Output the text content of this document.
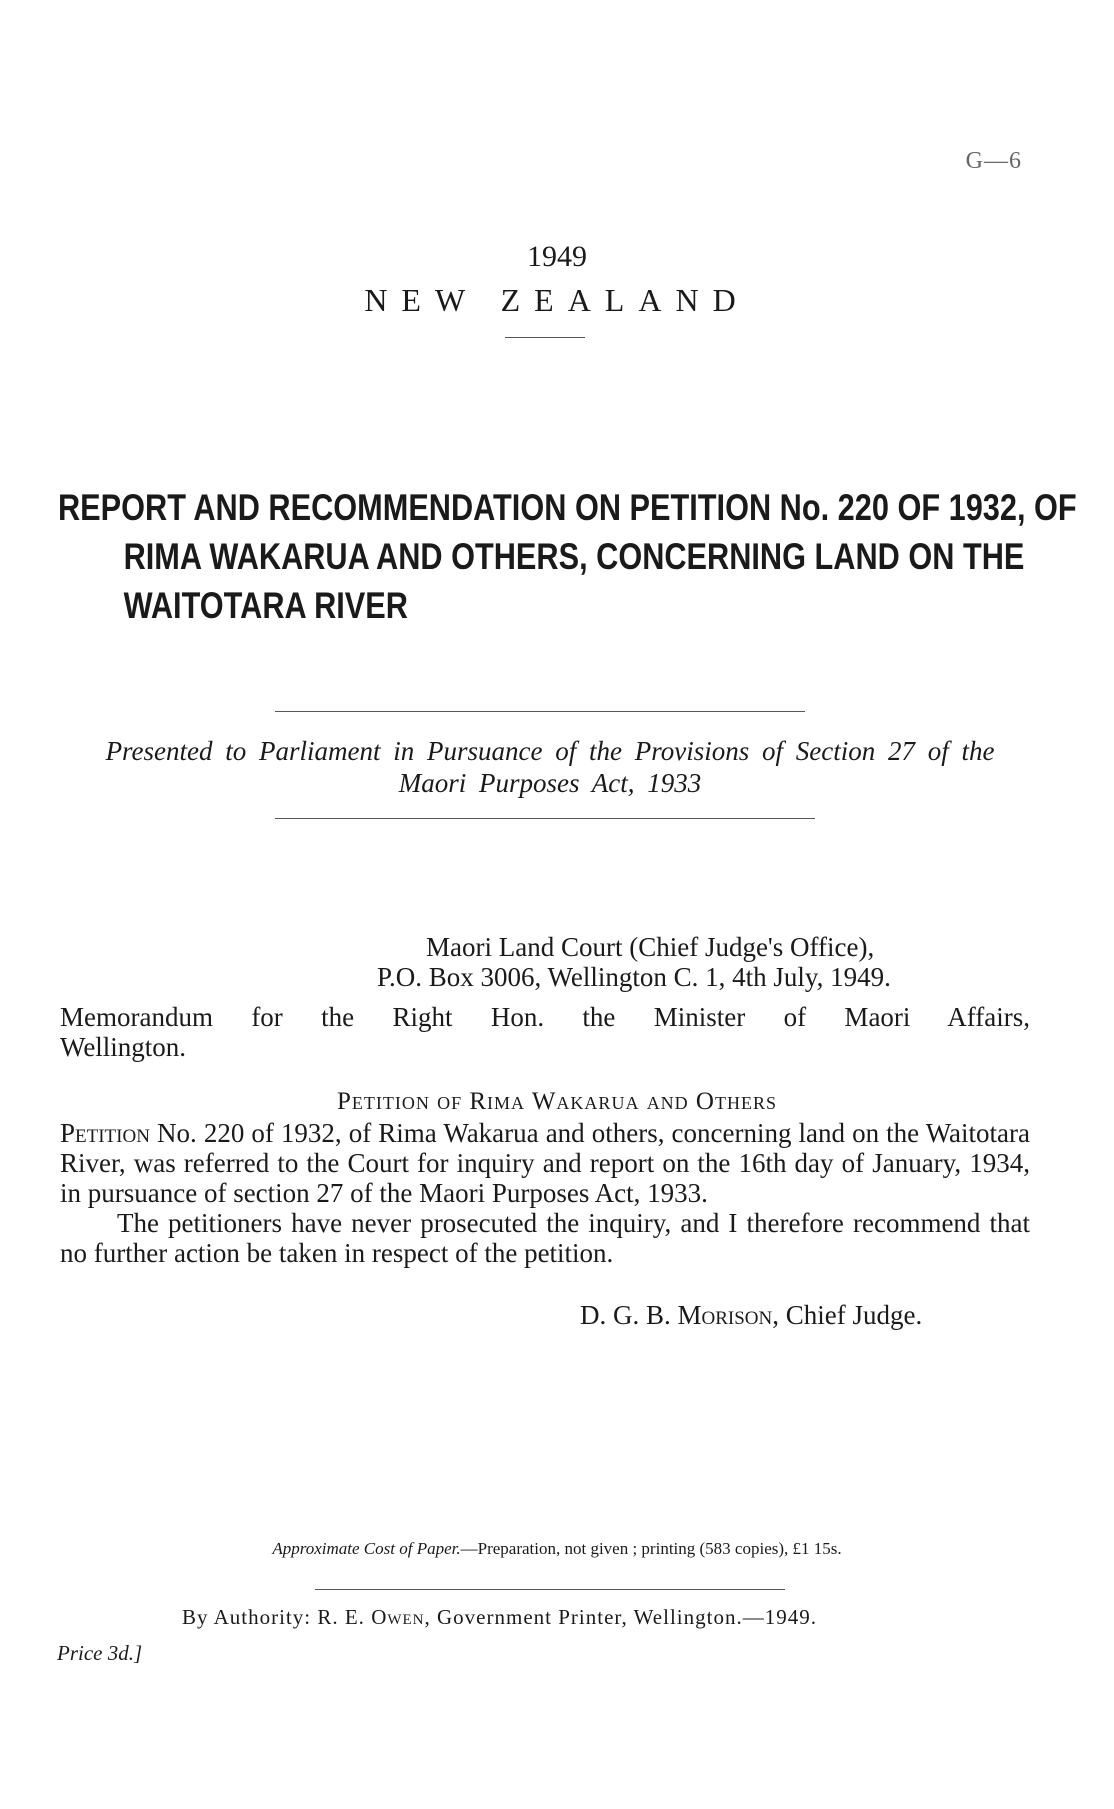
G—6
1949
NEW ZEALAND
REPORT AND RECOMMENDATION ON PETITION No. 220 OF 1932, OF
RIMA WAKARUA AND OTHERS, CONCERNING LAND ON THE
WAITOTARA RIVER
Presented to Parliament in Pursuance of the Provisions of Section 27 of the
Maori Purposes Act, 1933
Maori Land Court (Chief Judge's Office),
P.O. Box 3006, Wellington C. 1, 4th July, 1949.
Memorandum for the Right Hon. the Minister of Maori Affairs,
Wellington.
Petition of Rima Wakarua and Others

Petition No. 220 of 1932, of Rima Wakarua and others, concerning land on the Waitotara River, was referred to the Court for inquiry and report on the 16th day of January, 1934, in pursuance of section 27 of the Maori Purposes Act, 1933.

The petitioners have never prosecuted the inquiry, and I therefore recommend that no further action be taken in respect of the petition.

D. G. B. Morison, Chief Judge.
Approximate Cost of Paper.—Preparation, not given ; printing (583 copies), £1 15s.
By Authority: R. E. Owen, Government Printer, Wellington.—1949.
Price 3d.]
